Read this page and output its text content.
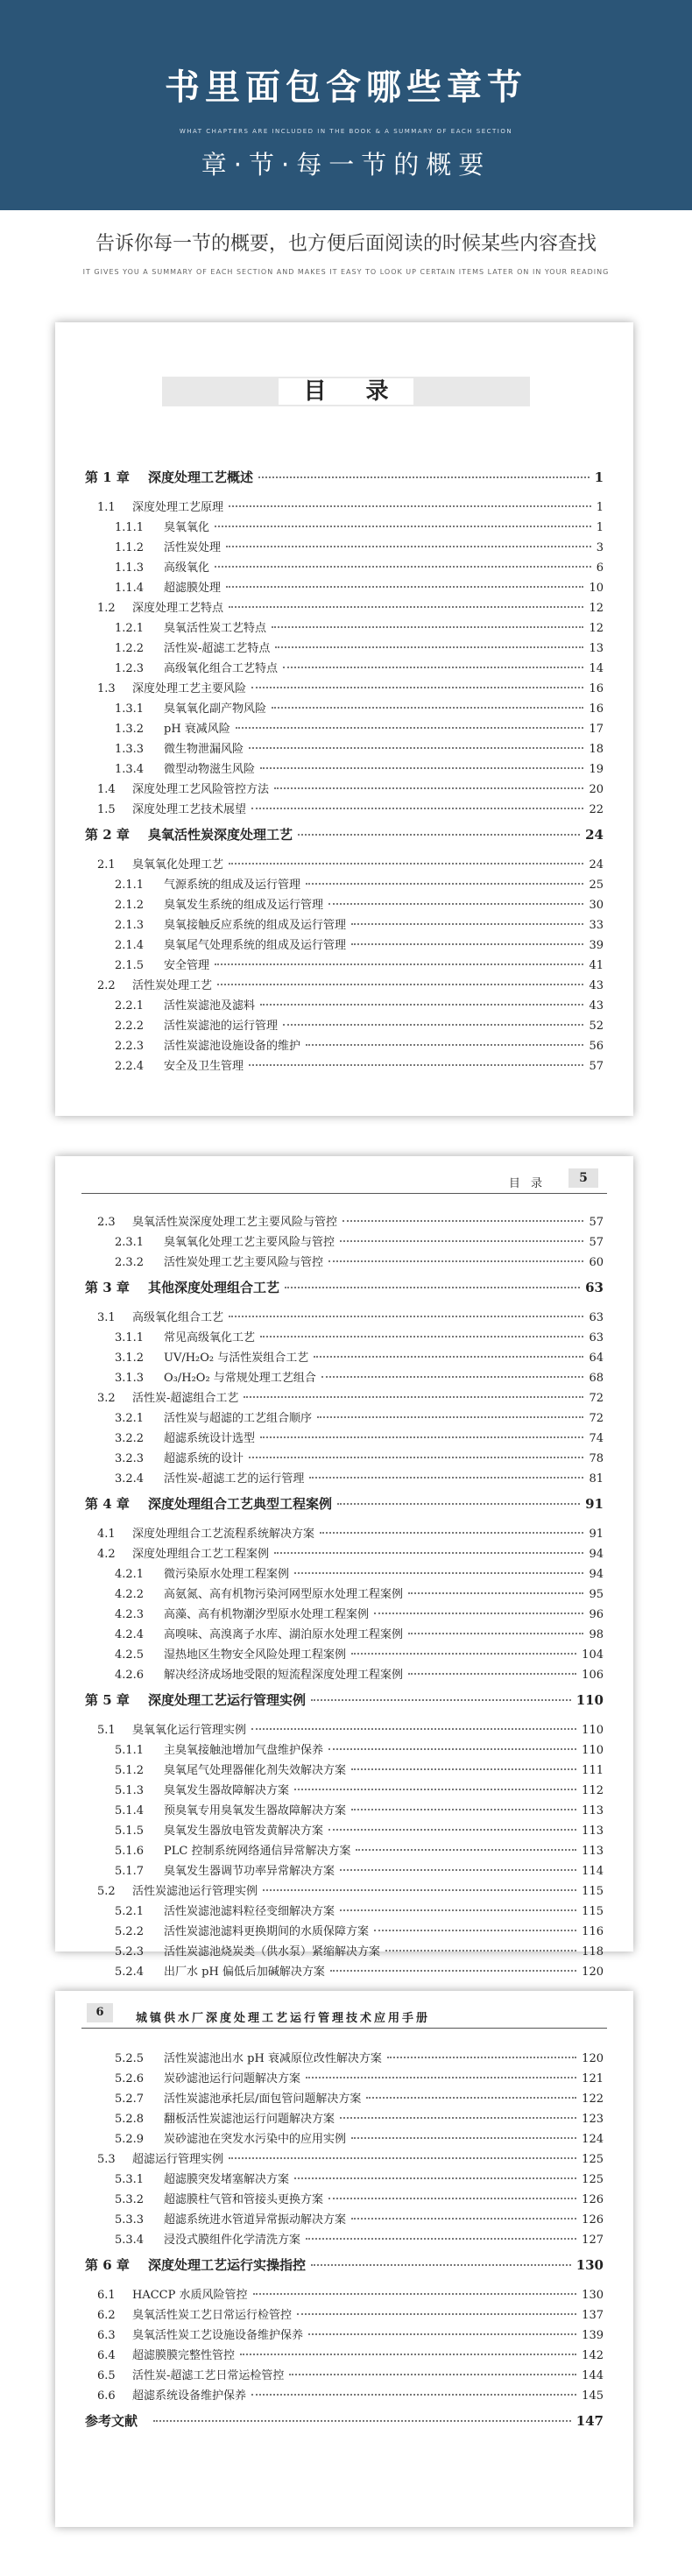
书里面包含哪些章节
WHAT CHAPTERS ARE INCLUDED IN THE BOOK & A SUMMARY OF EACH SECTION
章·节·每一节的概要
告诉你每一节的概要，也方便后面阅读的时候某些内容查找
IT GIVES YOU A SUMMARY OF EACH SECTION AND MAKES IT EASY TO LOOK UP CERTAIN ITEMS LATER ON IN YOUR READING
目 录
第 1 章 深度处理工艺概述	1
1.1 深度处理工艺原理	1
1.1.1 臭氧氧化	1
1.1.2 活性炭处理	3
1.1.3 高级氧化	6
1.1.4 超滤膜处理	10
1.2 深度处理工艺特点	12
1.2.1 臭氧活性炭工艺特点	12
1.2.2 活性炭-超滤工艺特点	13
1.2.3 高级氧化组合工艺特点	14
1.3 深度处理工艺主要风险	16
1.3.1 臭氧氧化副产物风险	16
1.3.2 pH 衰减风险	17
1.3.3 微生物泄漏风险	18
1.3.4 微型动物滋生风险	19
1.4 深度处理工艺风险管控方法	20
1.5 深度处理工艺技术展望	22
第 2 章 臭氧活性炭深度处理工艺	24
2.1 臭氧氧化处理工艺	24
2.1.1 气源系统的组成及运行管理	25
2.1.2 臭氧发生系统的组成及运行管理	30
2.1.3 臭氧接触反应系统的组成及运行管理	33
2.1.4 臭氧尾气处理系统的组成及运行管理	39
2.1.5 安全管理	41
2.2 活性炭处理工艺	43
2.2.1 活性炭滤池及滤料	43
2.2.2 活性炭滤池的运行管理	52
2.2.3 活性炭滤池设施设备的维护	56
2.2.4 安全及卫生管理	57
目 录	5
2.3 臭氧活性炭深度处理工艺主要风险与管控	57
2.3.1 臭氧氧化处理工艺主要风险与管控	57
2.3.2 活性炭处理工艺主要风险与管控	60
第 3 章 其他深度处理组合工艺	63
3.1 高级氧化组合工艺	63
3.1.1 常见高级氧化工艺	63
3.1.2 UV/H₂O₂ 与活性炭组合工艺	64
3.1.3 O₃/H₂O₂ 与常规处理工艺组合	68
3.2 活性炭-超滤组合工艺	72
3.2.1 活性炭与超滤的工艺组合顺序	72
3.2.2 超滤系统设计选型	74
3.2.3 超滤系统的设计	78
3.2.4 活性炭-超滤工艺的运行管理	81
第 4 章 深度处理组合工艺典型工程案例	91
4.1 深度处理组合工艺流程系统解决方案	91
4.2 深度处理组合工艺工程案例	94
4.2.1 微污染原水处理工程案例	94
4.2.2 高氨氮、高有机物污染河网型原水处理工程案例	95
4.2.3 高藻、高有机物潮汐型原水处理工程案例	96
4.2.4 高嗅味、高溴离子水库、湖泊原水处理工程案例	98
4.2.5 湿热地区生物安全风险处理工程案例	104
4.2.6 解决经济成场地受限的短流程深度处理工程案例	106
第 5 章 深度处理工艺运行管理实例	110
5.1 臭氧氧化运行管理实例	110
5.1.1 主臭氧接触池增加气盘维护保养	110
5.1.2 臭氧尾气处理器催化剂失效解决方案	111
5.1.3 臭氧发生器故障解决方案	112
5.1.4 预臭氧专用臭氧发生器故障解决方案	113
5.1.5 臭氧发生器放电管发黄解决方案	113
5.1.6 PLC 控制系统网络通信异常解决方案	113
5.1.7 臭氧发生器调节功率异常解决方案	114
5.2 活性炭滤池运行管理实例	115
5.2.1 活性炭滤池滤料粒径变细解决方案	115
5.2.2 活性炭滤池滤料更换期间的水质保障方案	116
5.2.3 活性炭滤池烧炭类（供水泵）紧缩解决方案	118
5.2.4 出厂水 pH 偏低后加碱解决方案	120
6	城镇供水厂深度处理工艺运行管理技术应用手册
5.2.5 活性炭滤池出水 pH 衰减原位改性解决方案	120
5.2.6 炭砂滤池运行问题解决方案	121
5.2.7 活性炭滤池承托层/面包管问题解决方案	122
5.2.8 翻板活性炭滤池运行问题解决方案	123
5.2.9 炭砂滤池在突发水污染中的应用实例	124
5.3 超滤运行管理实例	125
5.3.1 超滤膜突发堵塞解决方案	125
5.3.2 超滤膜柱气管和管接头更换方案	126
5.3.3 超滤系统进水管道异常振动解决方案	126
5.3.4 浸没式膜组件化学清洗方案	127
第 6 章 深度处理工艺运行实操指控	130
6.1 HACCP 水质风险管控	130
6.2 臭氧活性炭工艺日常运行检管控	137
6.3 臭氧活性炭工艺设施设备维护保养	139
6.4 超滤膜膜完整性管控	142
6.5 活性炭-超滤工艺日常运检管控	144
6.6 超滤系统设备维护保养	145
参考文献	147
